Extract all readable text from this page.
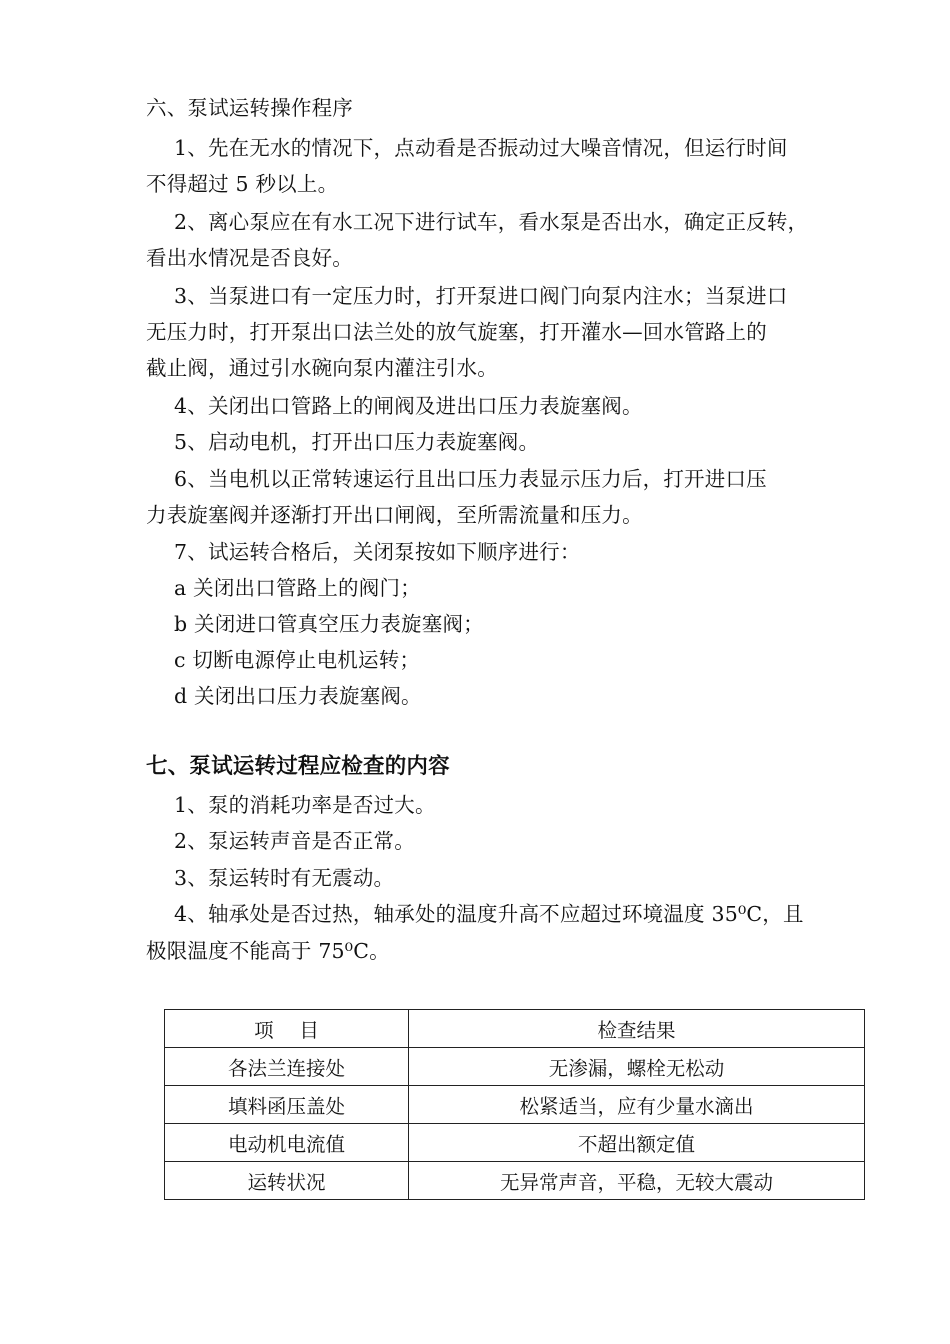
六、泵试运转操作程序
1、先在无水的情况下，点动看是否振动过大噪音情况，但运行时间
不得超过 5 秒以上。
2、离心泵应在有水工况下进行试车，看水泵是否出水，确定正反转，
看出水情况是否良好。
3、当泵进口有一定压力时，打开泵进口阀门向泵内注水；当泵进口
无压力时，打开泵出口法兰处的放气旋塞，打开灌水—回水管路上的
截止阀，通过引水碗向泵内灌注引水。
4、关闭出口管路上的闸阀及进出口压力表旋塞阀。
5、启动电机，打开出口压力表旋塞阀。
6、当电机以正常转速运行且出口压力表显示压力后，打开进口压
力表旋塞阀并逐渐打开出口闸阀，至所需流量和压力。
7、试运转合格后，关闭泵按如下顺序进行：
a 关闭出口管路上的阀门；
b 关闭进口管真空压力表旋塞阀；
c 切断电源停止电机运转；
d 关闭出口压力表旋塞阀。
七、泵试运转过程应检查的内容
1、泵的消耗功率是否过大。
2、泵运转声音是否正常。
3、泵运转时有无震动。
4、轴承处是否过热，轴承处的温度升高不应超过环境温度 35⁰C，且
极限温度不能高于 75⁰C。
项　 目	检查结果
各法兰连接处	无渗漏，螺栓无松动
填料函压盖处	松紧适当，应有少量水滴出
电动机电流值	不超出额定值
运转状况	无异常声音，平稳，无较大震动
